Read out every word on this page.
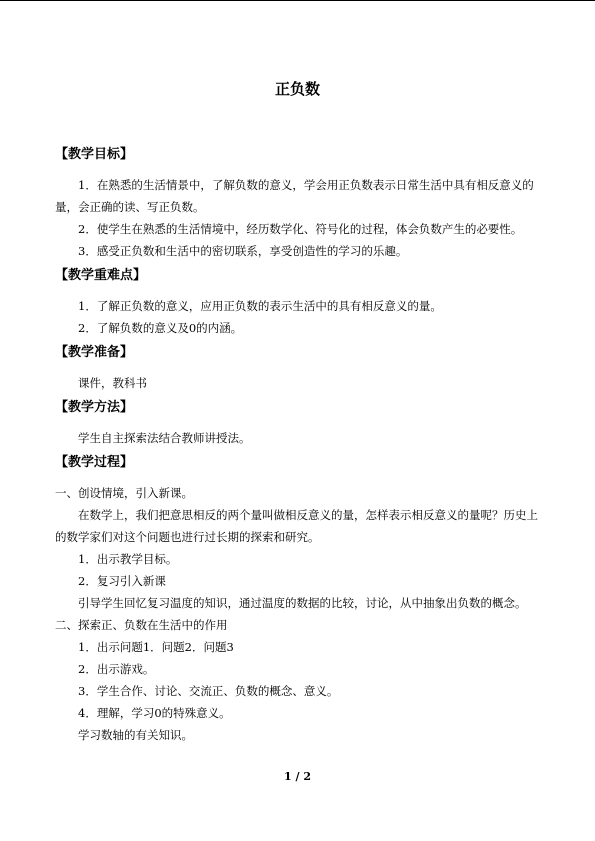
正负数
【教学目标】

1．在熟悉的生活情景中，了解负数的意义，学会用正负数表示日常生活中具有相反意义的量，会正确的读、写正负数。

2．使学生在熟悉的生活情境中，经历数学化、符号化的过程，体会负数产生的必要性。

3．感受正负数和生活中的密切联系，享受创造性的学习的乐趣。

【教学重难点】

1．了解正负数的意义，应用正负数的表示生活中的具有相反意义的量。

2．了解负数的意义及0的内涵。

【教学准备】

课件，教科书

【教学方法】

学生自主探索法结合教师讲授法。

【教学过程】

一、创设情境，引入新课。

在数学上，我们把意思相反的两个量叫做相反意义的量，怎样表示相反意义的量呢？历史上的数学家们对这个问题也进行过长期的探索和研究。

1．出示教学目标。

2．复习引入新课

引导学生回忆复习温度的知识，通过温度的数据的比较，讨论，从中抽象出负数的概念。

二、探索正、负数在生活中的作用

1．出示问题1．问题2．问题3

2．出示游戏。

3．学生合作、讨论、交流正、负数的概念、意义。

4．理解，学习0的特殊意义。

学习数轴的有关知识。

1 / 2
